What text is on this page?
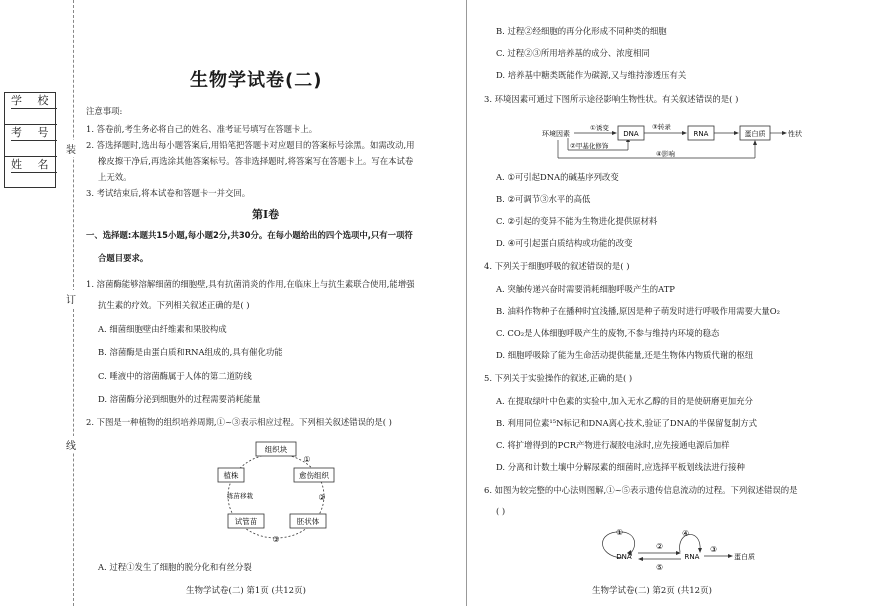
学 校
考 号
姓 名
装
订
线
生物学试卷(二)
注意事项:
1. 答卷前,考生务必将自己的姓名、准考证号填写在答题卡上。
2. 答选择题时,选出每小题答案后,用铅笔把答题卡对应题目的答案标号涂黑。如需改动,用
橡皮擦干净后,再选涂其他答案标号。答非选择题时,将答案写在答题卡上。写在本试卷
上无效。
3. 考试结束后,将本试卷和答题卡一并交回。
第Ⅰ卷
一、选择题:本题共15小题,每小题2分,共30分。在每小题给出的四个选项中,只有一项符
合题目要求。
1. 溶菌酶能够溶解细菌的细胞壁,具有抗菌消炎的作用,在临床上与抗生素联合使用,能增强
抗生素的疗效。下列相关叙述正确的是( )
A. 细菌细胞壁由纤维素和果胶构成
B. 溶菌酶是由蛋白质和RNA组成的,具有催化功能
C. 唾液中的溶菌酶属于人体的第二道防线
D. 溶菌酶分泌到细胞外的过程需要消耗能量
2. 下图是一种植物的组织培养周期,①~③表示相应过程。下列相关叙述错误的是( )
组织块
愈伤组织
胚状体
试管苗
植株
①
②
③
练苗移栽
A. 过程①发生了细胞的脱分化和有丝分裂
生物学试卷(二) 第1页 (共12页)
B. 过程②经细胞的再分化形成不同种类的细胞
C. 过程②③所用培养基的成分、浓度相同
D. 培养基中糖类既能作为碳源,又与维持渗透压有关
3. 环境因素可通过下图所示途径影响生物性状。有关叙述错误的是( )
环境因素
①诱变
②甲基化修饰
DNA
③转录
RNA	蛋白质	性状
④影响
A. ①可引起DNA的碱基序列改变
B. ②可调节③水平的高低
C. ②引起的变异不能为生物进化提供原材料
D. ④可引起蛋白质结构或功能的改变
4. 下列关于细胞呼吸的叙述错误的是( )
A. 突触传递兴奋时需要消耗细胞呼吸产生的ATP
B. 油料作物种子在播种时宜浅播,原因是种子萌发时进行呼吸作用需要大量O₂
C. CO₂是人体细胞呼吸产生的废物,不参与维持内环境的稳态
D. 细胞呼吸除了能为生命活动提供能量,还是生物体内物质代谢的枢纽
5. 下列关于实验操作的叙述,正确的是( )
A. 在提取绿叶中色素的实验中,加入无水乙醇的目的是使研磨更加充分
B. 利用同位素¹⁵N标记和DNA离心技术,验证了DNA的半保留复制方式
C. 将扩增得到的PCR产物进行凝胶电泳时,应先接通电源后加样
D. 分离和计数土壤中分解尿素的细菌时,应选择平板划线法进行接种
6. 如图为较完整的中心法则图解,①~⑤表示遗传信息流动的过程。下列叙述错误的是
( )
①
DNA
②
⑤
④
RNA
③
蛋白质
生物学试卷(二) 第2页 (共12页)
